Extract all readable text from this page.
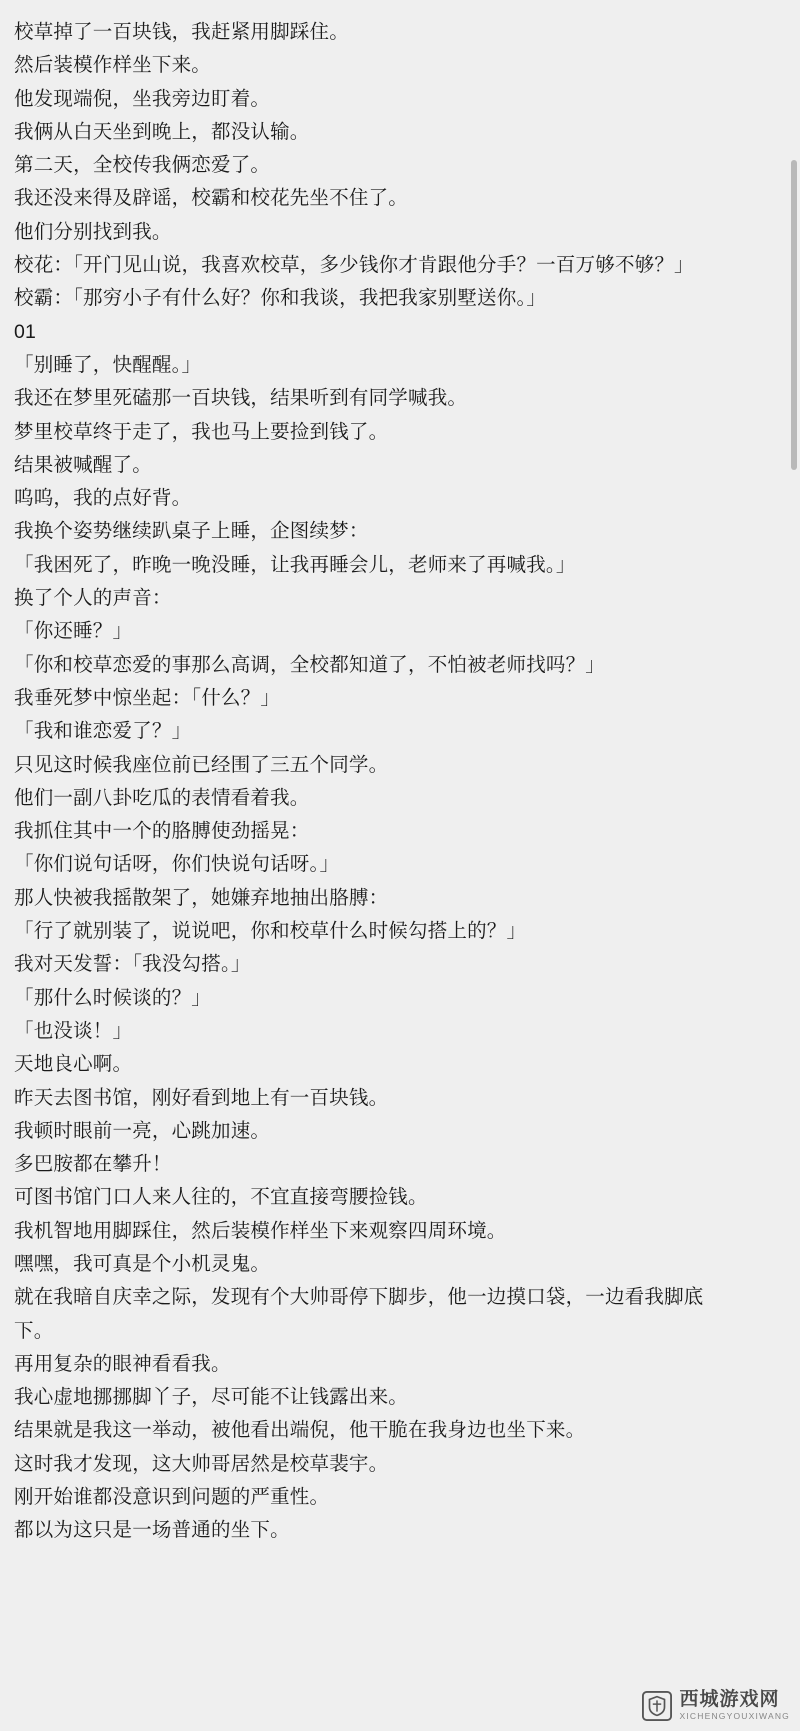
校草掉了一百块钱，我赶紧用脚踩住。
然后装模作样坐下来。
他发现端倪，坐我旁边盯着。
我俩从白天坐到晚上，都没认输。
第二天，全校传我俩恋爱了。
我还没来得及辟谣，校霸和校花先坐不住了。
他们分别找到我。
校花：「开门见山说，我喜欢校草，多少钱你才肯跟他分手？一百万够不够？」
校霸：「那穷小子有什么好？你和我谈，我把我家别墅送你。」
01
「别睡了，快醒醒。」
我还在梦里死磕那一百块钱，结果听到有同学喊我。
梦里校草终于走了，我也马上要捡到钱了。
结果被喊醒了。
呜呜，我的点好背。
我换个姿势继续趴桌子上睡，企图续梦：
「我困死了，昨晚一晚没睡，让我再睡会儿，老师来了再喊我。」
换了个人的声音：
「你还睡？」
「你和校草恋爱的事那么高调，全校都知道了，不怕被老师找吗？」
我垂死梦中惊坐起：「什么？」
「我和谁恋爱了？」
只见这时候我座位前已经围了三五个同学。
他们一副八卦吃瓜的表情看着我。
我抓住其中一个的胳膊使劲摇晃：
「你们说句话呀，你们快说句话呀。」
那人快被我摇散架了，她嫌弃地抽出胳膊：
「行了就别装了，说说吧，你和校草什么时候勾搭上的？」
我对天发誓：「我没勾搭。」
「那什么时候谈的？」
「也没谈！」
天地良心啊。
昨天去图书馆，刚好看到地上有一百块钱。
我顿时眼前一亮，心跳加速。
多巴胺都在攀升！
可图书馆门口人来人往的，不宜直接弯腰捡钱。
我机智地用脚踩住，然后装模作样坐下来观察四周环境。
嘿嘿，我可真是个小机灵鬼。
就在我暗自庆幸之际，发现有个大帅哥停下脚步，他一边摸口袋，一边看我脚底下。
再用复杂的眼神看看我。
我心虚地挪挪脚丫子，尽可能不让钱露出来。
结果就是我这一举动，被他看出端倪，他干脆在我身边也坐下来。
这时我才发现，这大帅哥居然是校草裴宇。
刚开始谁都没意识到问题的严重性。
都以为这只是一场普通的坐下。
西城游戏网
XICHENGYOUXIWANG
